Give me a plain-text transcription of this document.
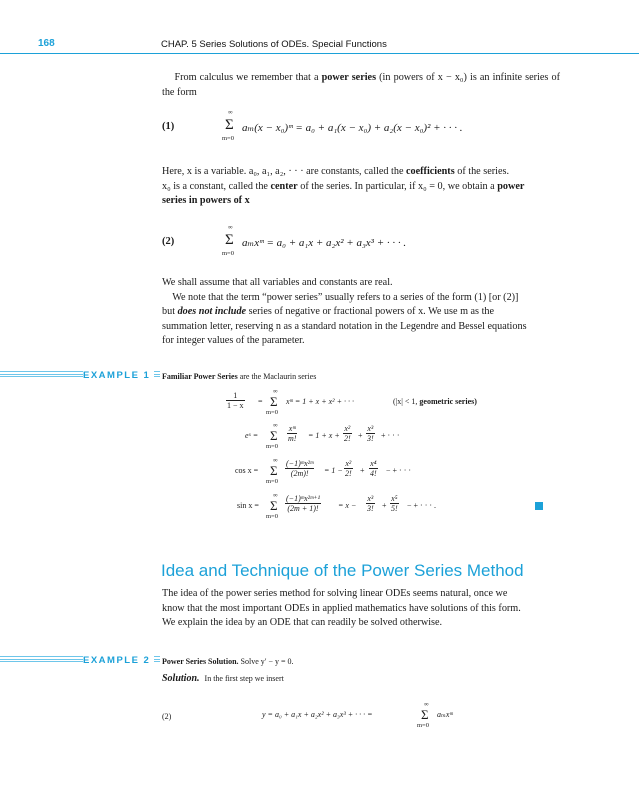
168	CHAP. 5 Series Solutions of ODEs. Special Functions
From calculus we remember that a power series (in powers of x − x₀) is an infinite series of the form
(1)
∞
Σ
m=0
aₘ(x − x₀)ᵐ = a₀ + a₁(x − x₀) + a₂(x − x₀)² + · · · .
Here, x is a variable. a₀, a₁, a₂, · · · are constants, called the coefficients of the series.
x₀ is a constant, called the center of the series. In particular, if x₀ = 0, we obtain a power
series in powers of x
(2)
∞
Σ
m=0
aₘxᵐ = a₀ + a₁x + a₂x² + a₃x³ + · · · .
We shall assume that all variables and constants are real.
We note that the term “power series” usually refers to a series of the form (1) [or (2)]
but does not include series of negative or fractional powers of x. We use m as the
summation letter, reserving n as a standard notation in the Legendre and Bessel equations
for integer values of the parameter.
EXAMPLE 1	Familiar Power Series are the Maclaurin series
$\frac{1}{1 - x}$ =
∞
Σ
m=0
xᵐ = 1 + x + x² + · · ·	(|x| < 1, geometric series)
eˣ =
∞
Σ
m=0
$\frac{\text{xᵐ}}{m!} = 1 + x + \frac{\text{x²}}{2!} + \frac{\text{x³}}{3!}$ + · · ·
cos x =
∞
Σ
m=0
$\frac{\text{(−1)ᵐx²ᵐ}}{(2m)!} = 1 - \frac{\text{x²}}{2!} + \frac{\text{x⁴}}{4!}$ − + · · ·
sin x =
∞
Σ
m=0
$\frac{\text{(−1)ᵐx²ᵐ⁺¹}}{(2m + 1)!} = x - \frac{\text{x³}}{3!} + \frac{\text{x⁵}}{5!}$ − + · · · .
Idea and Technique of the Power Series Method
The idea of the power series method for solving linear ODEs seems natural, once we
know that the most important ODEs in applied mathematics have solutions of this form.
We explain the idea by an ODE that can readily be solved otherwise.
EXAMPLE 2	Power Series Solution. Solve y′ − y = 0.
Solution. In the first step we insert
(2)	y = a₀ + a₁x + a₂x² + a₃x³ + · · · =
∞
Σ
m=0
aₘxᵐ
